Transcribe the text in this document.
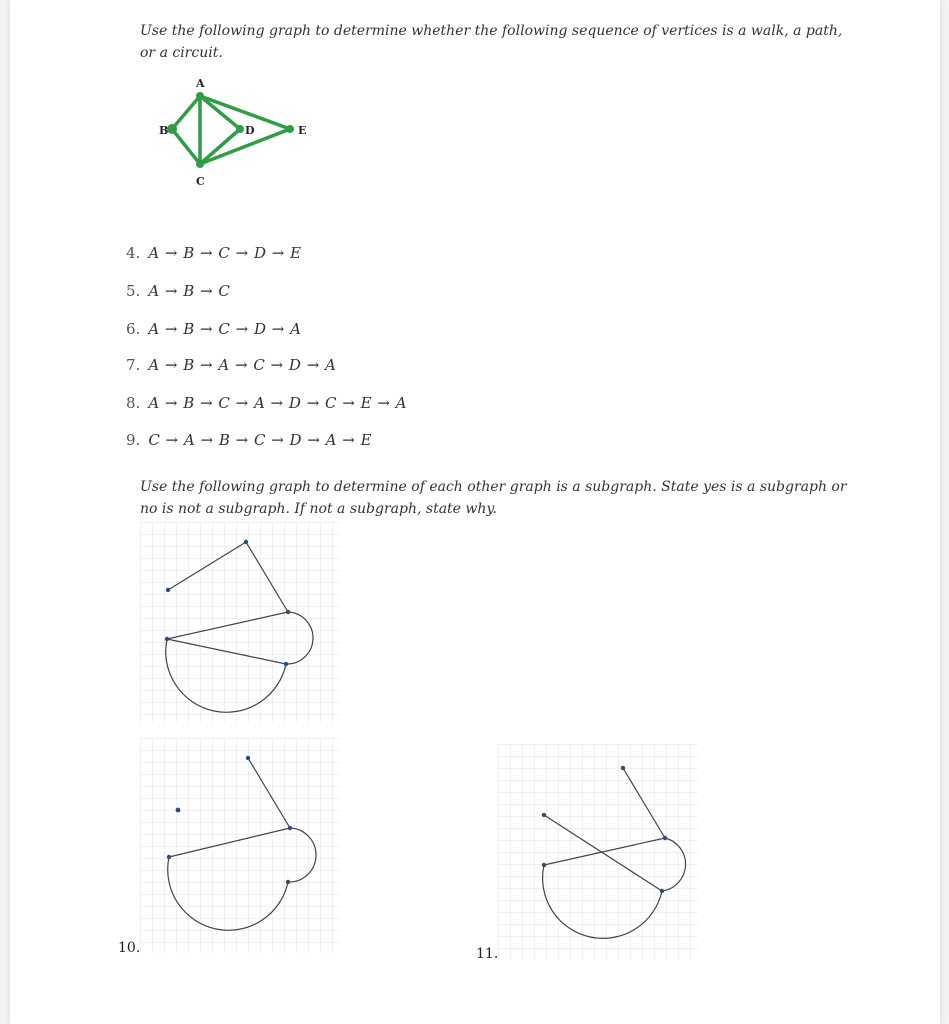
Use the following graph to determine whether the following sequence of vertices is a walk, a path, or a circuit.

A
B
C
D	E
4. A → B → C → D → E
5. A → B → C
6. A → B → C → D → A
7. A → B → A → C → D → A
8. A → B → C → A → D → C → E → A
9. C → A → B → C → D → A → E

Use the following graph to determine of each other graph is a subgraph. State yes is a subgraph or no is not a subgraph. If not a subgraph, state why.

10.	11.
